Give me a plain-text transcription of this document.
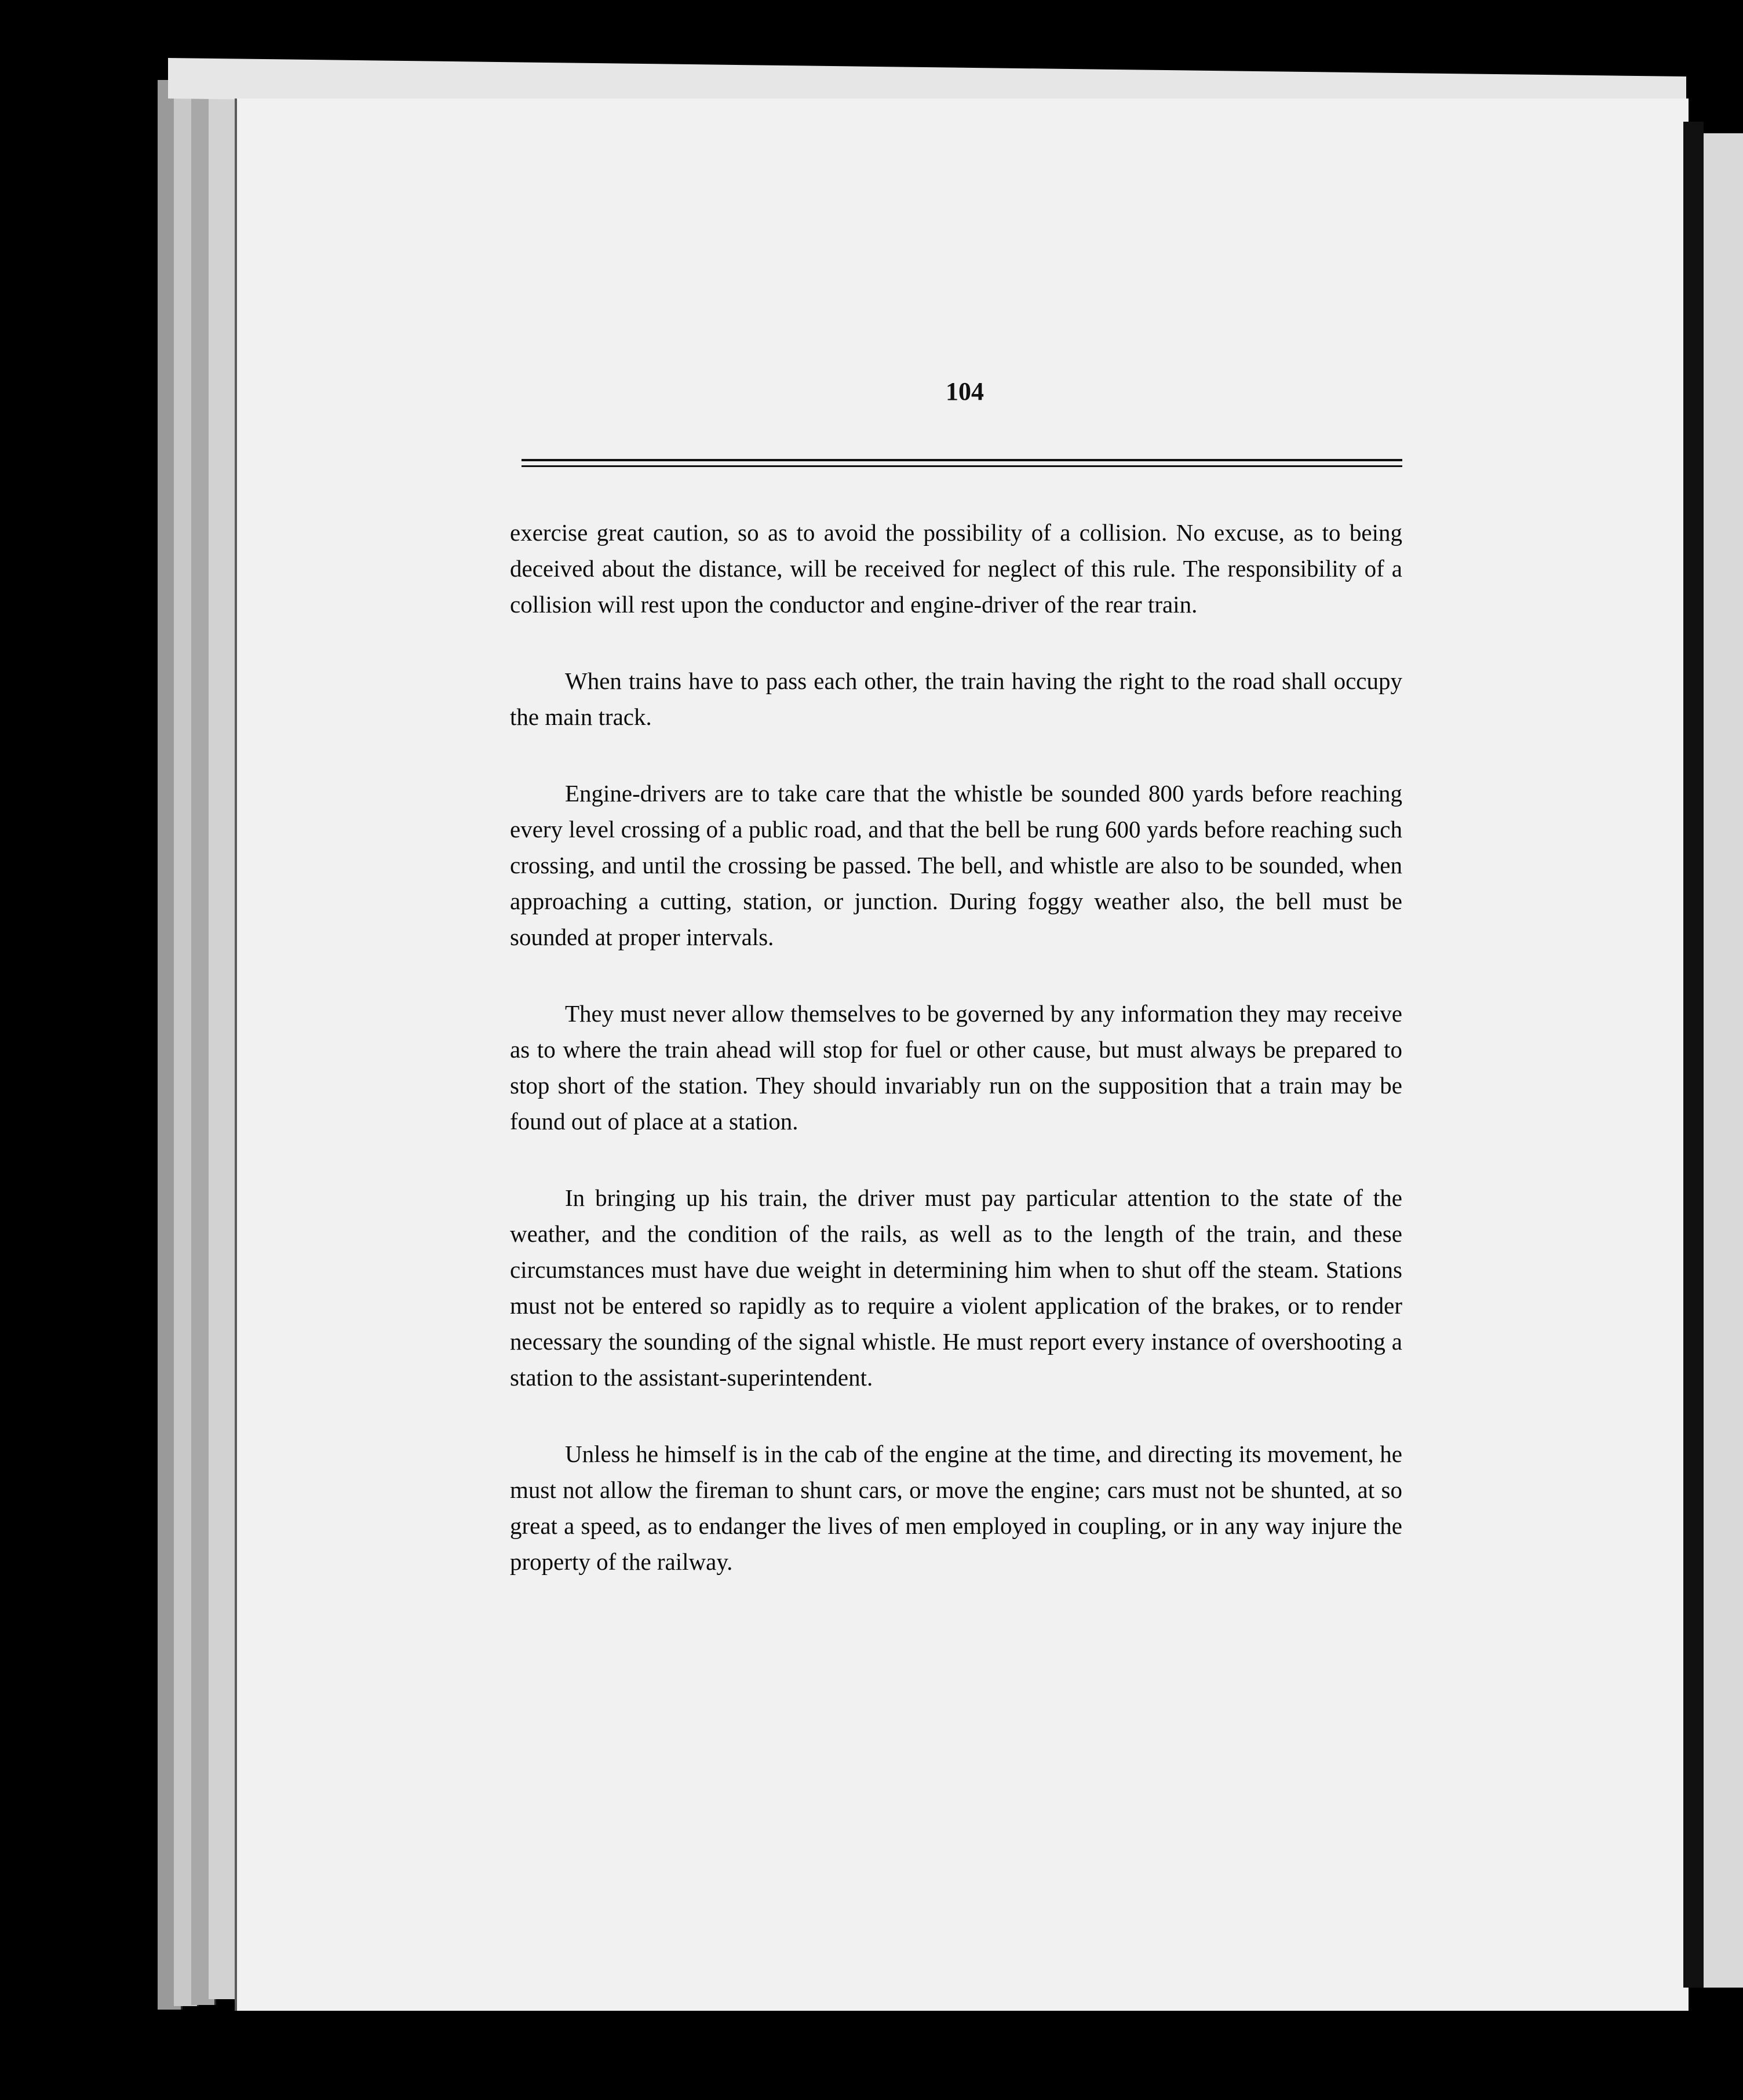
104

exercise great caution, so as to avoid the possibility of a collision. No excuse, as to being deceived about the distance, will be received for neglect of this rule. The responsibility of a collision will rest upon the conductor and engine-driver of the rear train.

When trains have to pass each other, the train having the right to the road shall occupy the main track.

Engine-drivers are to take care that the whistle be sounded 800 yards before reaching every level crossing of a public road, and that the bell be rung 600 yards before reaching such crossing, and until the crossing be passed. The bell, and whistle are also to be sounded, when approaching a cutting, station, or junction. During foggy weather also, the bell must be sounded at proper intervals.

They must never allow themselves to be governed by any information they may receive as to where the train ahead will stop for fuel or other cause, but must always be prepared to stop short of the station. They should invariably run on the supposition that a train may be found out of place at a station.

In bringing up his train, the driver must pay particular attention to the state of the weather, and the condition of the rails, as well as to the length of the train, and these circumstances must have due weight in determining him when to shut off the steam. Stations must not be entered so rapidly as to require a violent application of the brakes, or to render necessary the sounding of the signal whistle. He must report every instance of overshooting a station to the assistant-superintendent.

Unless he himself is in the cab of the engine at the time, and directing its movement, he must not allow the fireman to shunt cars, or move the engine; cars must not be shunted, at so great a speed, as to endanger the lives of men employed in coupling, or in any way injure the property of the railway.
